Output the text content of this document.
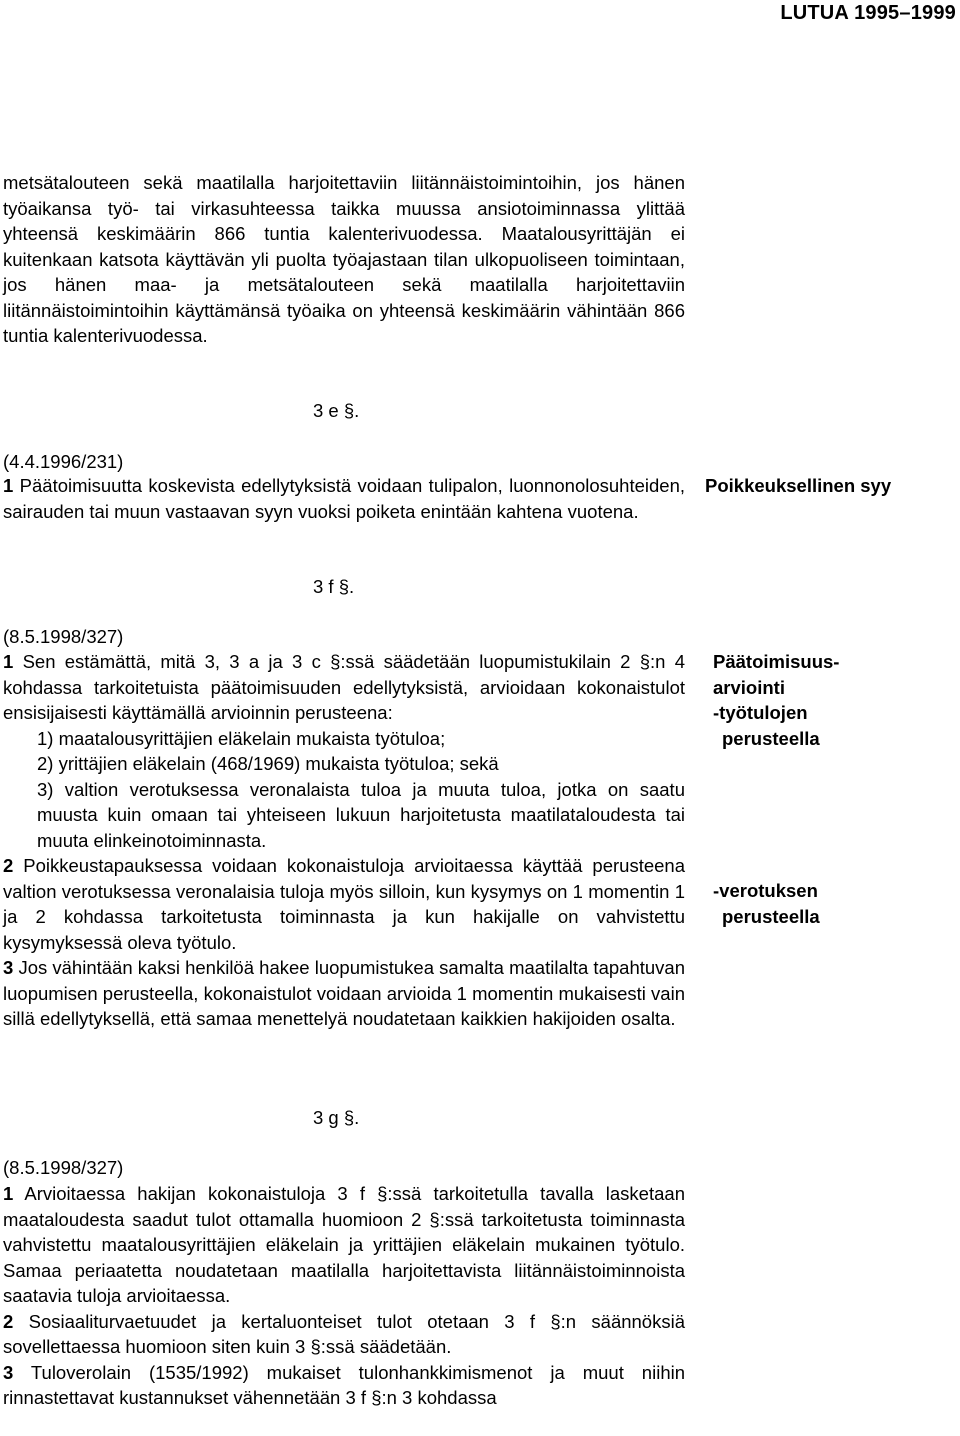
LUTUA 1995–1999

metsätalouteen sekä maatilalla harjoitettaviin liitännäistoimintoihin, jos hänen työaikansa työ- tai virkasuhteessa taikka muussa ansiotoiminnassa ylittää yhteensä keskimäärin 866 tuntia kalenterivuodessa. Maatalousyrittäjän ei kuitenkaan katsota käyttävän yli puolta työajastaan tilan ulkopuoliseen toimintaan, jos hänen maa- ja metsätalouteen sekä maatilalla harjoitettaviin liitännäistoimintoihin käyttämänsä työaika on yhteensä keskimäärin vähintään 866 tuntia kalenterivuodessa.

3 e §.
(4.4.1996/231)

1 Päätoimisuutta koskevista edellytyksistä voidaan tulipalon, luonnonolosuhteiden, sairauden tai muun vastaavan syyn vuoksi poiketa enintään kahtena vuotena.

Poikkeuksellinen syy
3 f §.
(8.5.1998/327)

1 Sen estämättä, mitä 3, 3 a ja 3 c §:ssä säädetään luopumistukilain 2 §:n 4 kohdassa tarkoitetuista päätoimisuuden edellytyksistä, arvioidaan kokonaistulot ensisijaisesti käyttämällä arvioinnin perusteena:

1) maatalousyrittäjien eläkelain mukaista työtuloa;

2) yrittäjien eläkelain (468/1969) mukaista työtuloa; sekä

3) valtion verotuksessa veronalaista tuloa ja muuta tuloa, jotka on saatu muusta kuin omaan tai yhteiseen lukuun harjoitetusta maatilataloudesta tai muuta elinkeinotoiminnasta.

2 Poikkeustapauksessa voidaan kokonaistuloja arvioitaessa käyttää perusteena valtion verotuksessa veronalaisia tuloja myös silloin, kun kysymys on 1 momentin 1 ja 2 kohdassa tarkoitetusta toiminnasta ja kun hakijalle on vahvistettu kysymyksessä oleva työtulo.

3 Jos vähintään kaksi henkilöä hakee luopumistukea samalta maatilalta tapahtuvan luopumisen perusteella, kokonaistulot voidaan arvioida 1 momentin mukaisesti vain sillä edellytyksellä, että samaa menettelyä noudatetaan kaikkien hakijoiden osalta.

Päätoimisuus-
arviointi
-työtulojen
perusteella
-verotuksen
perusteella
3 g §.
(8.5.1998/327)

1 Arvioitaessa hakijan kokonaistuloja 3 f §:ssä tarkoitetulla tavalla lasketaan maataloudesta saadut tulot ottamalla huomioon 2 §:ssä tarkoitetusta toiminnasta vahvistettu maatalousyrittäjien eläkelain ja yrittäjien eläkelain mukainen työtulo. Samaa periaatetta noudatetaan maatilalla harjoitettavista liitännäistoiminnoista saatavia tuloja arvioitaessa.

2 Sosiaaliturvaetuudet ja kertaluonteiset tulot otetaan 3 f §:n säännöksiä sovellettaessa huomioon siten kuin 3 §:ssä säädetään.

3 Tuloverolain (1535/1992) mukaiset tulonhankkimismenot ja muut niihin rinnastettavat kustannukset vähennetään 3 f §:n 3 kohdassa
